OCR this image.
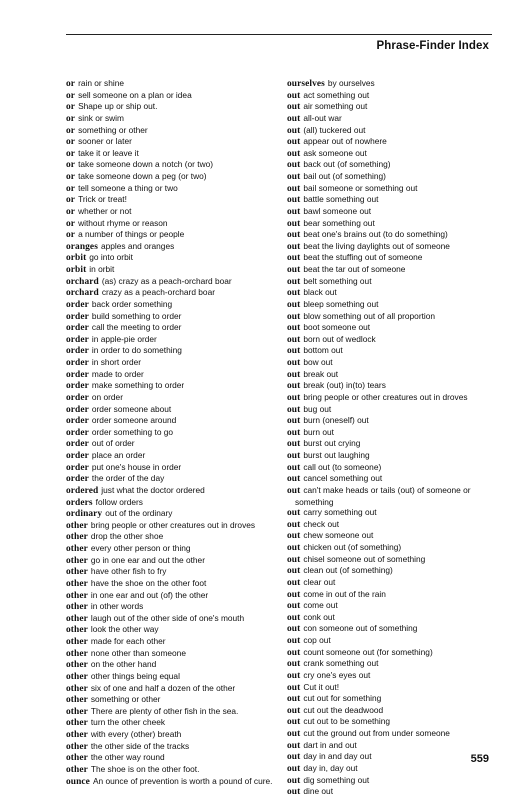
Phrase-Finder Index
or rain or shine
or sell someone on a plan or idea
or Shape up or ship out.
or sink or swim
or something or other
or sooner or later
or take it or leave it
or take someone down a notch (or two)
or take someone down a peg (or two)
or tell someone a thing or two
or Trick or treat!
or whether or not
or without rhyme or reason
or a number of things or people
oranges apples and oranges
orbit go into orbit
orbit in orbit
orchard (as) crazy as a peach-orchard boar
orchard crazy as a peach-orchard boar
order back order something
order build something to order
order call the meeting to order
order in apple-pie order
order in order to do something
order in short order
order made to order
order make something to order
order on order
order order someone about
order order someone around
order order something to go
order out of order
order place an order
order put one's house in order
order the order of the day
ordered just what the doctor ordered
orders follow orders
ordinary out of the ordinary
other bring people or other creatures out in droves
other drop the other shoe
other every other person or thing
other go in one ear and out the other
other have other fish to fry
other have the shoe on the other foot
other in one ear and out (of) the other
other in other words
other laugh out of the other side of one's mouth
other look the other way
other made for each other
other none other than someone
other on the other hand
other other things being equal
other six of one and half a dozen of the other
other something or other
other There are plenty of other fish in the sea.
other turn the other cheek
other with every (other) breath
other the other side of the tracks
other the other way round
other The shoe is on the other foot.
ounce An ounce of prevention is worth a pound of cure.
ourselves by ourselves
out act something out
out air something out
out all-out war
out (all) tuckered out
out appear out of nowhere
out ask someone out
out back out (of something)
out bail out (of something)
out bail someone or something out
out battle something out
out bawl someone out
out bear something out
out beat one's brains out (to do something)
out beat the living daylights out of someone
out beat the stuffing out of someone
out beat the tar out of someone
out belt something out
out black out
out bleep something out
out blow something out of all proportion
out boot someone out
out born out of wedlock
out bottom out
out bow out
out break out
out break (out) in(to) tears
out bring people or other creatures out in droves
out bug out
out burn (oneself) out
out burn out
out burst out crying
out burst out laughing
out call out (to someone)
out cancel something out
out can't make heads or tails (out) of someone or something
out carry something out
out check out
out chew someone out
out chicken out (of something)
out chisel someone out of something
out clean out (of something)
out clear out
out come in out of the rain
out come out
out conk out
out con someone out of something
out cop out
out count someone out (for something)
out crank something out
out cry one's eyes out
out Cut it out!
out cut out for something
out cut out the deadwood
out cut out to be something
out cut the ground out from under someone
out dart in and out
out day in and day out
out day in, day out
out dig something out
out dine out
559
